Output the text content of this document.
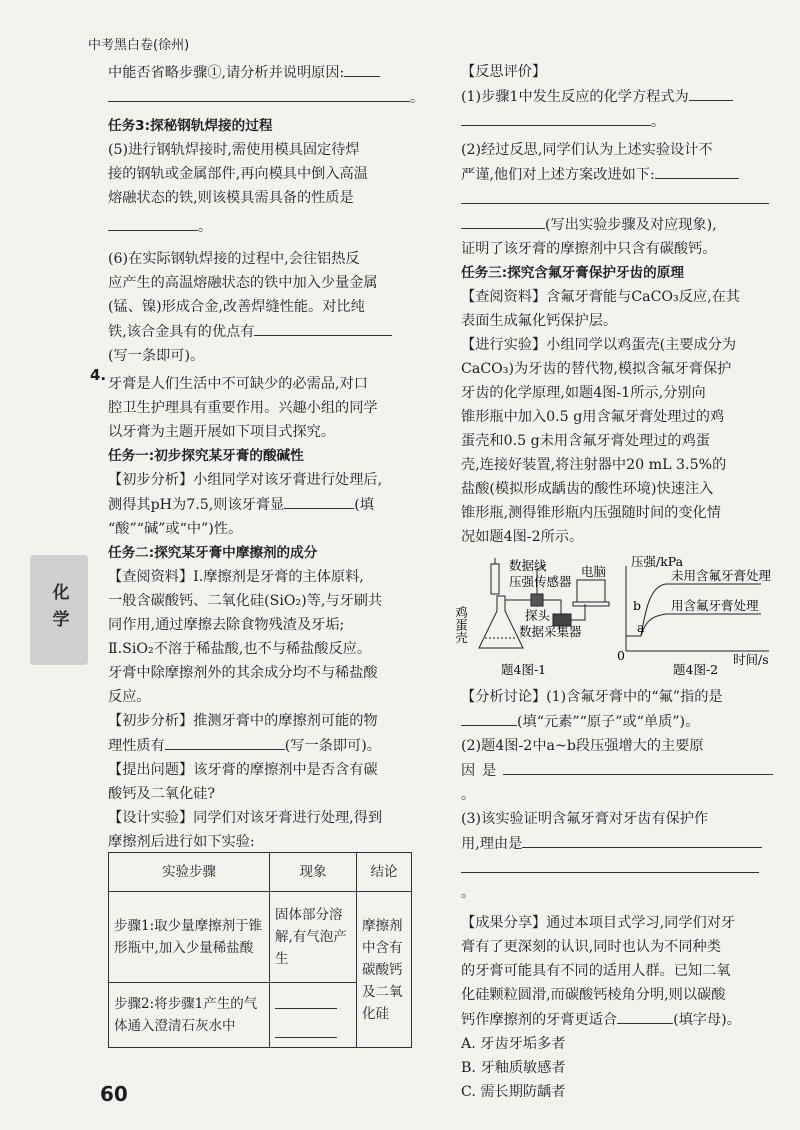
中考黑白卷(徐州)
化学

中能否省略步骤①,请分析并说明原因:

。

任务3:探秘钢轨焊接的过程

(5)进行钢轨焊接时,需使用模具固定待焊

接的钢轨或金属部件,再向模具中倒入高温

熔融状态的铁,则该模具需具备的性质是

。

(6)在实际钢轨焊接的过程中,会往铝热反

应产生的高温熔融状态的铁中加入少量金属

(锰、镍)形成合金,改善焊缝性能。对比纯

铁,该合金具有的优点有

(写一条即可)。

牙膏是人们生活中不可缺少的必需品,对口

腔卫生护理具有重要作用。兴趣小组的同学

以牙膏为主题开展如下项目式探究。

任务一:初步探究某牙膏的酸碱性

【初步分析】小组同学对该牙膏进行处理后,

测得其pH为7.5,则该牙膏显	(填

“酸”“碱”或“中”)性。

任务二:探究某牙膏中摩擦剂的成分

【查阅资料】Ⅰ.摩擦剂是牙膏的主体原料,

一般含碳酸钙、二氧化硅(SiO₂)等,与牙刷共

同作用,通过摩擦去除食物残渣及牙垢;

Ⅱ.SiO₂不溶于稀盐酸,也不与稀盐酸反应。

牙膏中除摩擦剂外的其余成分均不与稀盐酸

反应。

【初步分析】推测牙膏中的摩擦剂可能的物

理性质有	(写一条即可)。

【提出问题】该牙膏的摩擦剂中是否含有碳

酸钙及二氧化硅?

【设计实验】同学们对该牙膏进行处理,得到

摩擦剂后进行如下实验:

4.
实验步骤	现象	结论
步骤1:取少量摩擦剂于锥形瓶中,加入少量稀盐酸	固体部分溶解,有气泡产生	摩擦剂中含有碳酸钙及二氧化硅
步骤2:将步骤1产生的气体通入澄清石灰水中		

【反思评价】

(1)步骤1中发生反应的化学方程式为

。

(2)经过反思,同学们认为上述实验设计不

严谨,他们对上述方案改进如下:

(写出实验步骤及对应现象),

证明了该牙膏的摩擦剂中只含有碳酸钙。

任务三:探究含氟牙膏保护牙齿的原理

【查阅资料】含氟牙膏能与CaCO₃反应,在其

表面生成氟化钙保护层。

【进行实验】小组同学以鸡蛋壳(主要成分为

CaCO₃)为牙齿的替代物,模拟含氟牙膏保护

牙齿的化学原理,如题4图-1所示,分别向

锥形瓶中加入0.5 g用含氟牙膏处理过的鸡

蛋壳和0.5 g未用含氟牙膏处理过的鸡蛋

壳,连接好装置,将注射器中20 mL 3.5%的

盐酸(模拟形成龋齿的酸性环境)快速注入

锥形瓶,测得锥形瓶内压强随时间的变化情

况如题4图-2所示。

【分析讨论】(1)含氟牙膏中的“氟”指的是

(填“元素”“原子”或“单质”)。

(2)题4图-2中a~b段压强增大的主要原

因是。

(3)该实验证明含氟牙膏对牙齿有保护作

用,理由是

。

【成果分享】通过本项目式学习,同学们对牙

膏有了更深刻的认识,同时也认为不同种类

的牙膏可能具有不同的适用人群。已知二氧

化硅颗粒圆滑,而碳酸钙棱角分明,则以碳酸

钙作摩擦剂的牙膏更适合	(填字母)。

A. 牙齿牙垢多者

B. 牙釉质敏感者

C. 需长期防龋者

数据线
压强传感器
电脑
探头
数据采集器
鸡蛋壳
题4图-1
压强/kPa
时间/s
0
未用含氟牙膏处理
用含氟牙膏处理
a
b
题4图-2
60
